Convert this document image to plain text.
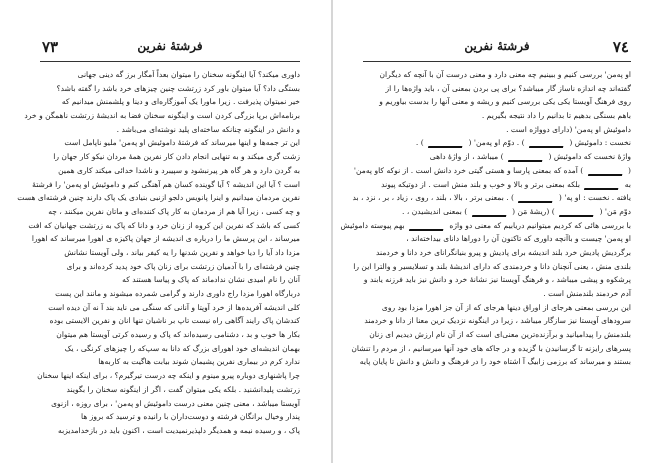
٧٣	فرشتهٔ نفرین
داوری میکند؟ آیا اینگونه سخنان را میتوان بعداً اَمگار برز گه دینی جهانی
بستگی داد؟ آیا میتوان باور کرد زرتشت چنین چیزهای خرد باشد را گفته باشد؟
خیر نمیتوان پذیرفت . زیرا ماورا یک آموزگاره‌ای و دینا و پلشمنش میدانیم که
برنامه‌اش برپا بزرگی کردن است و اینگونه سخنان فضا به اندیشهٔ زرتشت ناهمگن و خرد
و دانش در اینگونه چنانکه ساخته‌ای پلید نوشته‌ای می‌باشد .
این تر جمه‌ها و اینها میرساند که فرشتهٔ داموئیش او په‌من' ملیو ناپامل است
زشت گری میکند و به تنهایی انجام دادن کار نفرین همهٔ مردان نیکو کار جهان را
به گردن دارد و هر گاه هر پیرنبشود و سپیبرد و ناشدا خدائی میکند کاری همین
است ؟ آیا این اندیشه ؟ آیا گوینده کسان هم آهنگی کنم و داموئیش او په‌من' را فرشتهٔ
نفرین مردمان میدانیم و اینرا پانویس دلجو ازنبی بنیادی یک پاک دارند چنین فرشته‌ای هست
و چه کسی ، زیرا آیا هم از مردمان به کار پاک کننده‌ای و ماتان نفرین میکنند ، چه
کسی که باشد که نفرین این کروه از زنان خرد و دانا که پاک به زرتشت جهانیان که افت
میرساند ، این پرسش ما را درباره ی اندیشه از جهان پاکیزه ی اهورا میرساند که اهورا
مزدا داد آیا را دیا خواهد و نفرین شدنها را یه کیفر بیاند ، ولی آویستا نشانش
چنین فرشته‌ای را با آدمیان زرتشت برای زنان پاک خود پدید کرده‌اند و برای
آنان را نام امیدی نشان ندادماند که پاک و پیاسا هستند که
دربارگاه اهورا مزدا راج داوری دارند و گرامی شمرده میشوند و مانند این پست
کلی اندیشه آفریده‌ها از خرد آوپتا و آنانی که سنگی می ناید بند آ نه آن دیده است
کندشان پاک رایند آگاهی راه نیست تاپ بر ناشیان تنها انان و نفرین الایستی بوده
بکار ها خوب و بد ، دشنامی رسیده‌اند که پاک و رسیده کرتی آویستا هم میتوان
بهمان اندیشه‌ای خود اهورای بزرگ که دانا به سپ‌که را چیزهای کرنگی ، یک
ندارد کرم در بیماری نفرین پشیمان شوند بیابت هاگیت به کاربه‌ها
چرا پاشنهاری دوباره پیرو مینوم و اینکه چه درست تیرگیرم؟ ، برای اینکه اینها سخنان
زرتشت پلیدانشنید . بلکه یکی میتوان گفت ، اگر از اینگونه سخنان را بگویند
آویستا میباشد ، معنی چنین معنی درست داموئیش او په‌من' ، برای روزه ، ازنوی
پندار وخیال برانگان فرشته و دوست‌داران با رانیده و ترسید که بروز ها
پاک ، و رسیده نیمه و همدیگر دلپذیرنمیدیت است ، اکنون باید در بازخدامدیزبه
٧٤
فرشتهٔ نفرین
او په‌من' بررسی کنیم و ببینیم چه معنی دارد و معنی درست آن با آنچه که دیگران
گفته‌اند چه اندازه ناساز گار میباشد؟ برای پی بردن بمعنی آن ، باید واژه‌ها را از
روی فرهنگ آویستا یکی یکی بررسی کنیم و ریشه و معنی آنها را بدست بیاوریم و
باهم بسنگی بدهیم تا بدانیم را داد نتیجه بگیریم .
داموئیش او په‌من' (دارای دوواژه است .
نخست : داموئیش (  ) . دوّم او په‌من' (  ) .
واژهٔ نخست که داموئیش (  ) میباشد ، از واژهٔ داهی
(  ) آمده که بمعنی پارسا و هستی گیتی خرد دانش است . از نوکه کاو په‌من'
به  بلکه بمعنی برتر و بالا و خوب و بلند منش است . از دوتیکه پیوند
یافته . نخست : او په' (  ) . بمعنی برتر ، بالا ، بلند ، روی ، زیاد ، بر ، نزد ، بد
دوّم مَن' (  ) (ریشهٔ مَن (  ) بمعنی اندیشیدن ، .
با بررسی هائی که کردیم میتوانیم دریابیم که معنی دو واژه  بهم پیوسته داموئیش
او په‌من' چیست و باآنچه داوری که تاکنون آن را دوراها دانای بیداخته‌اند ،
برگردیش پادیش خرد بلند اندیشه برای پادیش و پیرو بنیانگرانای خرد دانا و خردمند
بلندی منش ، یعنی آنچنان دانا و خردمندی که دارای اندیشهٔ بلند و تسلایسیر و والترا این را
پرشکوه و پیشی میباشد ، و فرهنگ آویستا نیز نشانهٔ خرد و دانش نیز باید فرزنه یابند و
آدم خردمند بلندمنش است .
این بررسی بمعنی هرجای از اوراق دینها هرجای که از آن جز اهورا مزدا بود روی
سرودهای آویستا نیز سازگار میباشد ، زیرا در اینگونه نزدیک ترین معنا از دانا و خردمند
بلندمنش را پیدامیانید و برآزنده‌ترین معنی‌ای است که از آن نام ارزش دیدیم ای زنان
پسرهای رایزنه تا گرسانیدن با گزیده و در جاکه های خود آنها میرسانیم ، از مردم را تنشان
بستند و میرساند که برزمی زابیگ آ اشتاه خود را در فرهنگ و دانش و دانش تا پایان پایه
